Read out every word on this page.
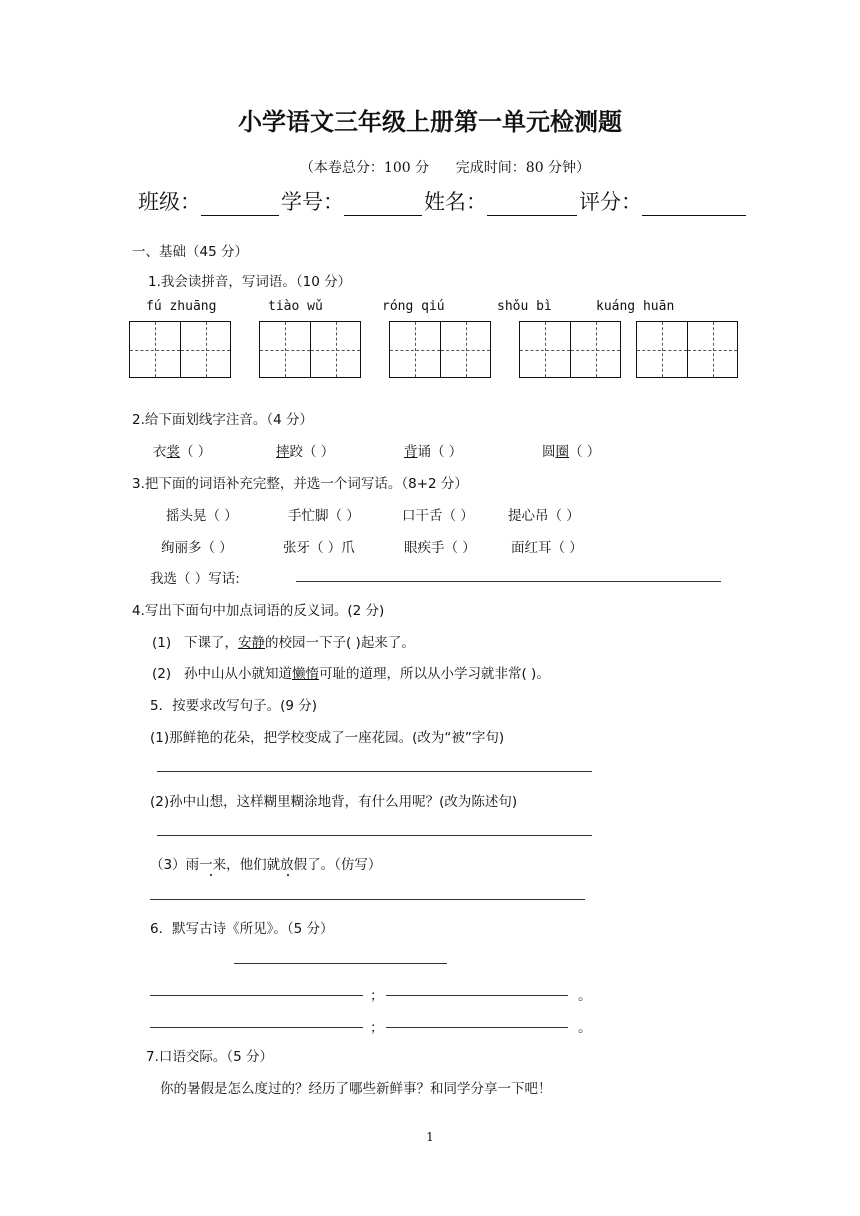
小学语文三年级上册第一单元检测题
（本卷总分：100 分 完成时间：80 分钟）
班级：	学号：	姓名：	评分：
一、基础（45 分）
1.我会读拼音，写词语。（10 分）
fú zhuāng	tiào wǔ	róng qiú	shǒu bì	kuáng huān
2.给下面划线字注音。（4 分）
衣裳（ ）	摔跤（ ）	背诵（ ）	圆圈（ ）
3.把下面的词语补充完整，并选一个词写话。（8+2 分）
摇头晃（ ）	手忙脚（ ）	口干舌（ ）	提心吊（ ）
绚丽多（ ）	张牙（ ）爪	眼疾手（ ）	面红耳（ ）
我选（ ）写话:
4.写出下面句中加点词语的反义词。(2 分)
(1) 下课了，安静的校园一下子( )起来了。
(2) 孙中山从小就知道懒惰可耻的道理，所以从小学习就非常( )。
5．按要求改写句子。(9 分)
(1)那鲜艳的花朵，把学校变成了一座花园。(改为“被”字句)
(2)孙中山想，这样糊里糊涂地背，有什么用呢？(改为陈述句)
（3）雨一来，他们就放假了。（仿写）
6．默写古诗《所见》。（5 分）
；	。
；	。
7.口语交际。（5 分）
你的暑假是怎么度过的？经历了哪些新鲜事？和同学分享一下吧！
1
